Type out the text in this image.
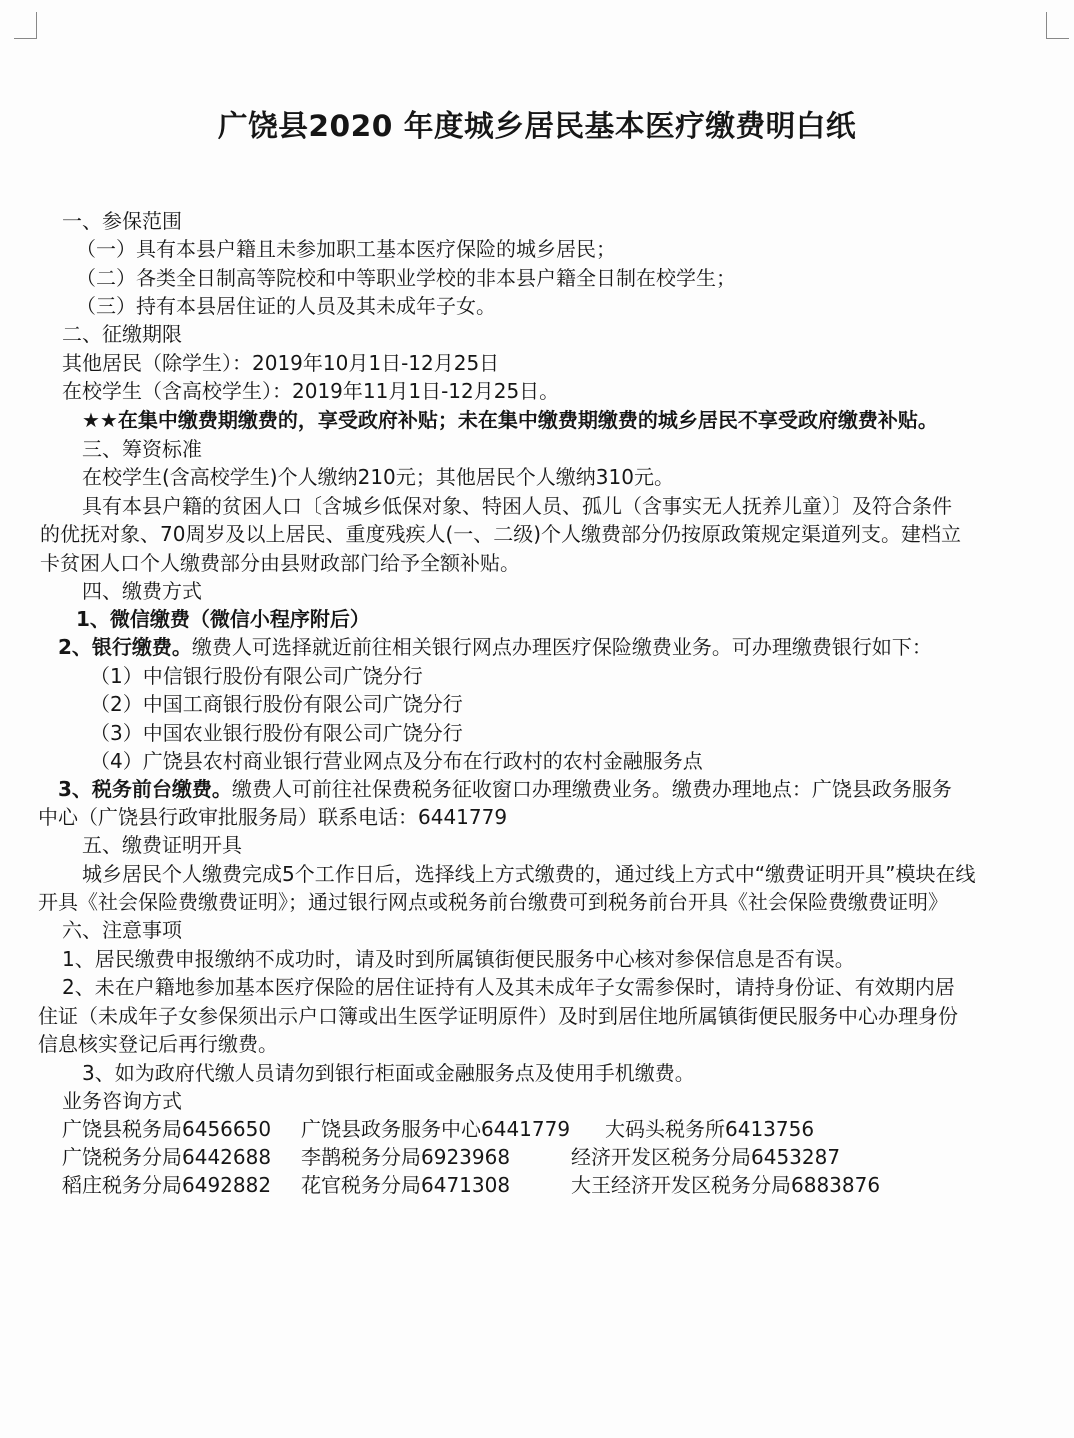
广饶县2020 年度城乡居民基本医疗缴费明白纸

一、参保范围

（一）具有本县户籍且未参加职工基本医疗保险的城乡居民；

（二）各类全日制高等院校和中等职业学校的非本县户籍全日制在校学生；

（三）持有本县居住证的人员及其未成年子女。

二、征缴期限

其他居民（除学生）：2019年10月1日-12月25日

在校学生（含高校学生）：2019年11月1日-12月25日。

★★在集中缴费期缴费的，享受政府补贴；未在集中缴费期缴费的城乡居民不享受政府缴费补贴。

三、筹资标准

在校学生(含高校学生)个人缴纳210元；其他居民个人缴纳310元。

具有本县户籍的贫困人口〔含城乡低保对象、特困人员、孤儿（含事实无人抚养儿童）〕及符合条件

的优抚对象、70周岁及以上居民、重度残疾人(一、二级)个人缴费部分仍按原政策规定渠道列支。建档立

卡贫困人口个人缴费部分由县财政部门给予全额补贴。

四、缴费方式

1、微信缴费（微信小程序附后）

2、银行缴费。缴费人可选择就近前往相关银行网点办理医疗保险缴费业务。可办理缴费银行如下：

（1）中信银行股份有限公司广饶分行

（2）中国工商银行股份有限公司广饶分行

（3）中国农业银行股份有限公司广饶分行

（4）广饶县农村商业银行营业网点及分布在行政村的农村金融服务点

3、税务前台缴费。缴费人可前往社保费税务征收窗口办理缴费业务。缴费办理地点：广饶县政务服务

中心（广饶县行政审批服务局）联系电话：6441779

五、缴费证明开具

城乡居民个人缴费完成5个工作日后，选择线上方式缴费的，通过线上方式中“缴费证明开具”模块在线

开具《社会保险费缴费证明》；通过银行网点或税务前台缴费可到税务前台开具《社会保险费缴费证明》

六、注意事项

1、居民缴费申报缴纳不成功时，请及时到所属镇街便民服务中心核对参保信息是否有误。

2、未在户籍地参加基本医疗保险的居住证持有人及其未成年子女需参保时，请持身份证、有效期内居

住证（未成年子女参保须出示户口簿或出生医学证明原件）及时到居住地所属镇街便民服务中心办理身份

信息核实登记后再行缴费。

3、如为政府代缴人员请勿到银行柜面或金融服务点及使用手机缴费。

业务咨询方式

广饶县税务局6456650 广饶县政务服务中心6441779 大码头税务所6413756
广饶税务分局6442688 李鹊税务分局6923968	经济开发区税务分局6453287
稻庄税务分局6492882 花官税务分局6471308	大王经济开发区税务分局6883876
